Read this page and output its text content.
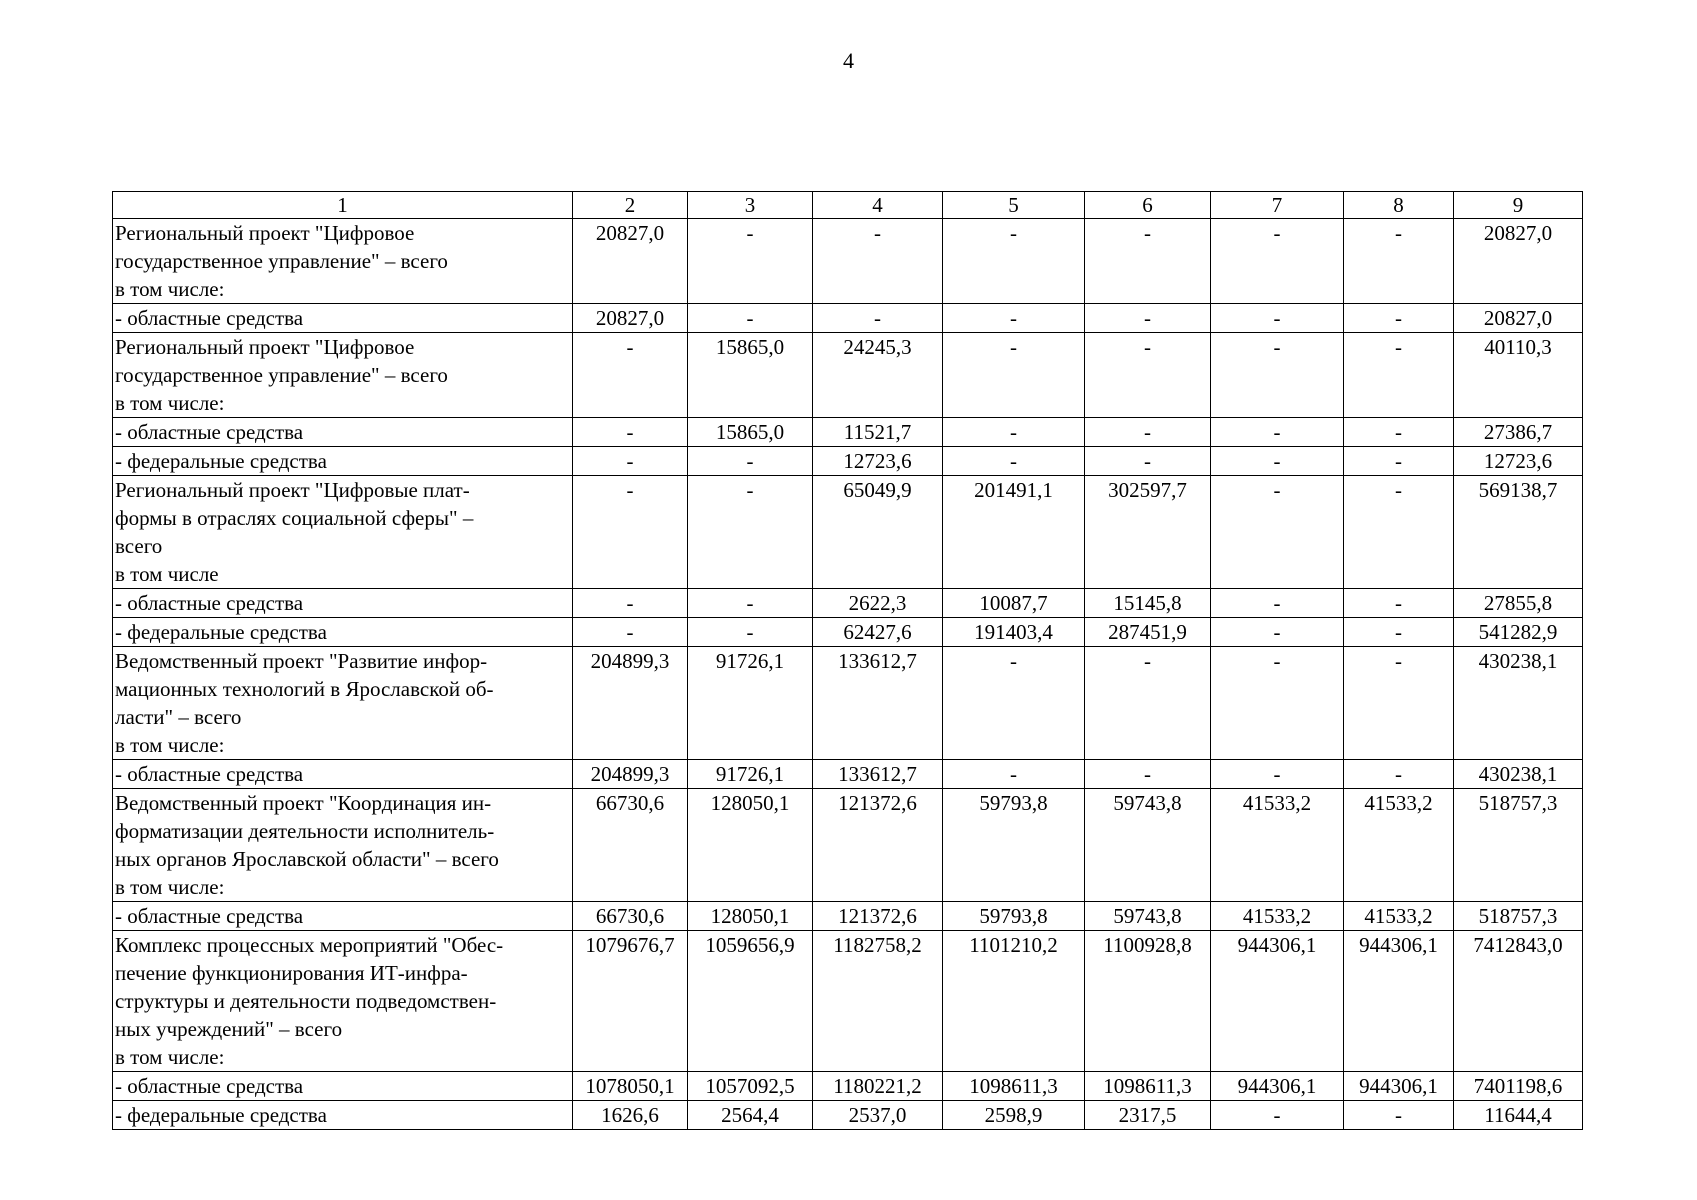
4
1	2	3	4	5	6	7	8	9

Региональный проект "Цифровое
государственное управление" – всего
в том числе:	20827,0	-	-	-	-	-	-	20827,0

- областные средства	20827,0	-	-	-	-	-	-	20827,0

Региональный проект "Цифровое
государственное управление" – всего
в том числе:	-	15865,0	24245,3	-	-	-	-	40110,3

- областные средства	-	15865,0	11521,7	-	-	-	-	27386,7

- федеральные средства	-	-	12723,6	-	-	-	-	12723,6

Региональный проект "Цифровые плат-
формы в отраслях социальной сферы" –
всего
в том числе	-	-	65049,9	201491,1	302597,7	-	-	569138,7

- областные средства	-	-	2622,3	10087,7	15145,8	-	-	27855,8

- федеральные средства	-	-	62427,6	191403,4	287451,9	-	-	541282,9

Ведомственный проект "Развитие инфор-
мационных технологий в Ярославской об-
ласти" – всего
в том числе:	204899,3	91726,1	133612,7	-	-	-	-	430238,1

- областные средства	204899,3	91726,1	133612,7	-	-	-	-	430238,1

Ведомственный проект "Координация ин-
форматизации деятельности исполнитель-
ных органов Ярославской области" – всего
в том числе:	66730,6	128050,1	121372,6	59793,8	59743,8	41533,2	41533,2	518757,3

- областные средства	66730,6	128050,1	121372,6	59793,8	59743,8	41533,2	41533,2	518757,3

Комплекс процессных мероприятий "Обес-
печение функционирования ИТ-инфра-
структуры и деятельности подведомствен-
ных учреждений" – всего
в том числе:	1079676,7	1059656,9	1182758,2	1101210,2	1100928,8	944306,1	944306,1	7412843,0

- областные средства	1078050,1	1057092,5	1180221,2	1098611,3	1098611,3	944306,1	944306,1	7401198,6

- федеральные средства	1626,6	2564,4	2537,0	2598,9	2317,5	-	-	11644,4
